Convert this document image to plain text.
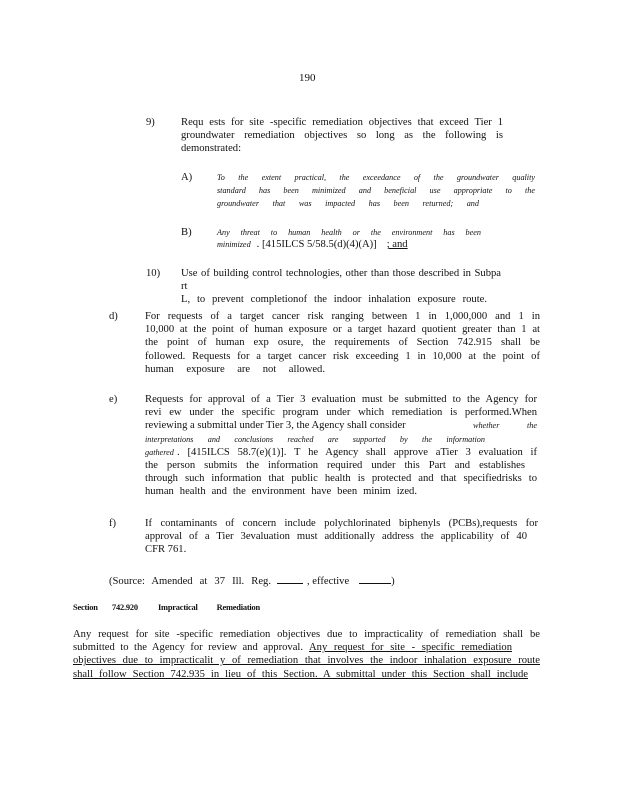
190
9) Requ ests for site -specific remediation objectives that exceed Tier 1

groundwater remediation objectives so long as the following is

demonstrated:

A)	To the extent practical, the exceedance of the groundwater quality

standard has been minimized and beneficial use appropriate to the

groundwater that was impacted has been returned; and

B)	Any threat to human health or the environment has been

minimized . [415ILCS 5/58.5(d)(4)(A)] ; and

10) Use of building control technologies, other than those described in Subpa rt

L, to prevent completionof the indoor inhalation exposure route.

d)	For requests of a target cancer risk ranging between 1 in 1,000,000 and 1 in

10,000 at the point of human exposure or a target hazard quotient greater than 1 at

the point of human exp osure, the requirements of Section 742.915 shall be

followed. Requests for a target cancer risk exceeding 1 in 10,000 at the point of

human exposure are not allowed.

e)	Requests for approval of a Tier 3 evaluation must be submitted to the Agency for

revi ew under the specific program under which remediation is performed.When

reviewing a submittal under Tier 3, the Agency shall consider	whether the

interpretations and conclusions reached are supported by the information

gathered . [415ILCS 58.7(e)(1)]. T he Agency shall approve aTier 3 evaluation if

the person submits the information required under this Part and establishes

through such information that public health is protected and that specifiedrisks to

human health and the environment have been minim ized.

f)	If contaminants of concern include polychlorinated biphenyls (PCBs),requests for

approval of a Tier 3evaluation must additionally address the applicability of 40

CFR 761.

(Source: Amended at 37 Ill. Reg.	, effective	)
Section 742.920 Impractical Remediation

Any request for site -specific remediation objectives due to impracticality of remediation shall be

submitted to the Agency for review and approval. Any request for site - specific remediation

objectives due to impracticalit y of remediation that involves the indoor inhalation exposure route

shall follow Section 742.935 in lieu of this Section. A submittal under this Section shall include
